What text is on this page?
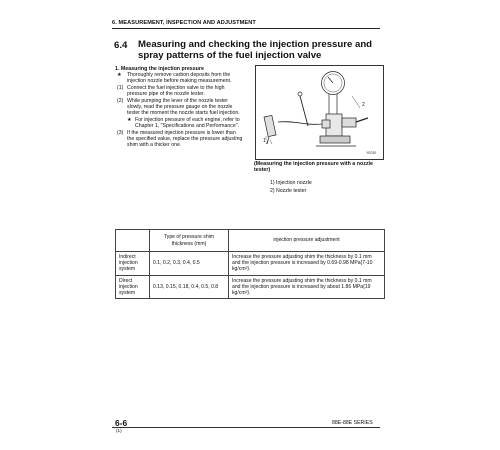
6. MEASUREMENT, INSPECTION AND ADJUSTMENT
6.4 Measuring and checking the injection pressure and spray patterns of the fuel injection valve
1. Measuring the injection pressure
★	Thoroughly remove carbon deposits from the injection nozzle before making measurement.
(1) Connect the fuel injection valve to the high pressure pipe of the nozzle tester.
(2) While pumping the lever of the nozzle tester slowly, read the pressure gauge on the nozzle tester the moment the nozzle starts fuel injection.
★ For injection pressure of each engine, refer to Chapter 1, "Specifications and Performance".
(3) If the measured injection pressure is lower than the specified value, replace the pressure adjusting shim with a thicker one.
2
1
YE030
(Measuring the injection pressure with a nozzle tester)
1) Injection nozzle
2) Nozzle tester
	Type of pressure shim thickness (mm)	injection pressure adjustment
Indirect injection system	0.1, 0.2, 0.3, 0.4, 0.5	Increase the pressure adjusting shim the thickness by 0.1 mm and the injection pressure is increased by 0.69-0.98 MPa{7-10 kg/cm²}.
Direct injection system	0.13, 0.15, 0.18, 0.4, 0.5, 0.8	Increase the pressure adjusting shim the thickness by 0.1 mm and the injection pressure is increased by about 1.86 MPa{19 kg/cm²}.
6-6
(1)
88E-88E SERIES
